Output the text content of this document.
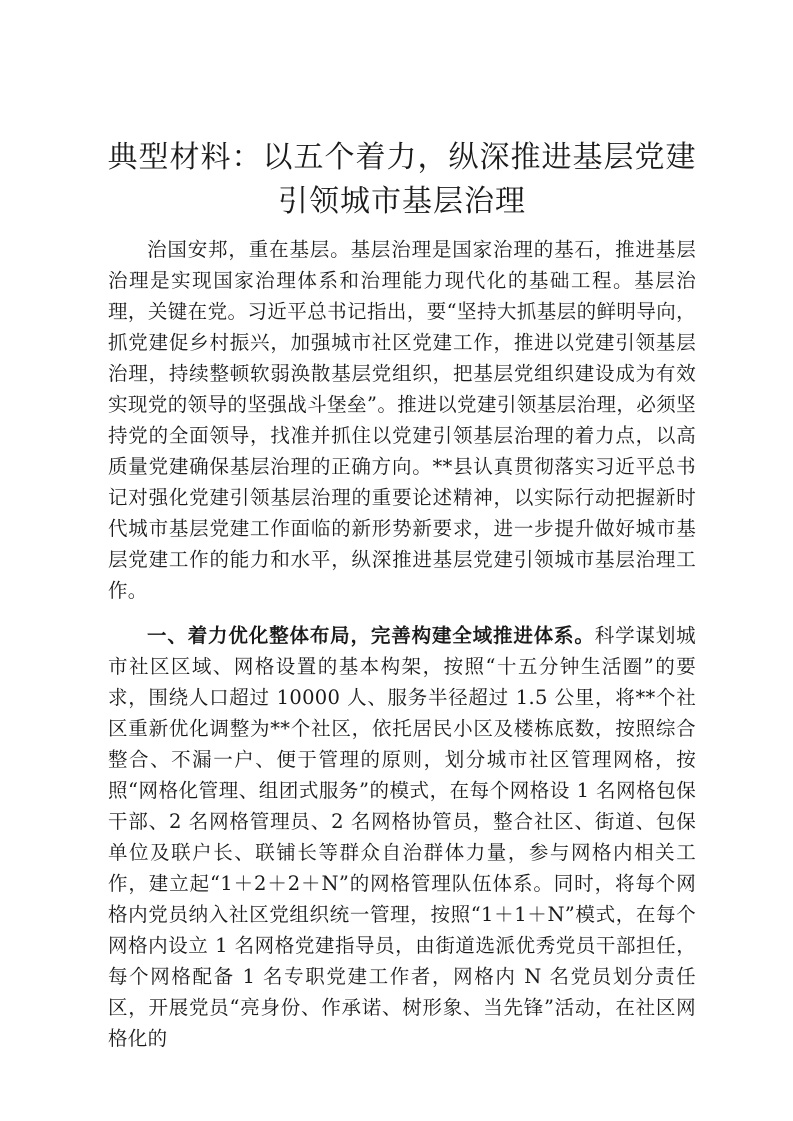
典型材料：以五个着力，纵深推进基层党建引领城市基层治理

治国安邦，重在基层。基层治理是国家治理的基石，推进基层治理是实现国家治理体系和治理能力现代化的基础工程。基层治理，关键在党。习近平总书记指出，要“坚持大抓基层的鲜明导向，抓党建促乡村振兴，加强城市社区党建工作，推进以党建引领基层治理，持续整顿软弱涣散基层党组织，把基层党组织建设成为有效实现党的领导的坚强战斗堡垒”。推进以党建引领基层治理，必须坚持党的全面领导，找准并抓住以党建引领基层治理的着力点，以高质量党建确保基层治理的正确方向。**县认真贯彻落实习近平总书记对强化党建引领基层治理的重要论述精神，以实际行动把握新时代城市基层党建工作面临的新形势新要求，进一步提升做好城市基层党建工作的能力和水平，纵深推进基层党建引领城市基层治理工作。

一、着力优化整体布局，完善构建全域推进体系。科学谋划城市社区区域、网格设置的基本构架，按照“十五分钟生活圈”的要求，围绕人口超过 10000 人、服务半径超过 1.5 公里，将**个社区重新优化调整为**个社区，依托居民小区及楼栋底数，按照综合整合、不漏一户、便于管理的原则，划分城市社区管理网格，按照“网格化管理、组团式服务”的模式，在每个网格设 1 名网格包保干部、2 名网格管理员、2 名网格协管员，整合社区、街道、包保单位及联户长、联铺长等群众自治群体力量，参与网格内相关工作，建立起“1＋2＋2＋N”的网格管理队伍体系。同时，将每个网格内党员纳入社区党组织统一管理，按照“1＋1＋N”模式，在每个网格内设立 1 名网格党建指导员，由街道选派优秀党员干部担任，每个网格配备 1 名专职党建工作者，网格内 N 名党员划分责任区，开展党员“亮身份、作承诺、树形象、当先锋”活动，在社区网格化的
